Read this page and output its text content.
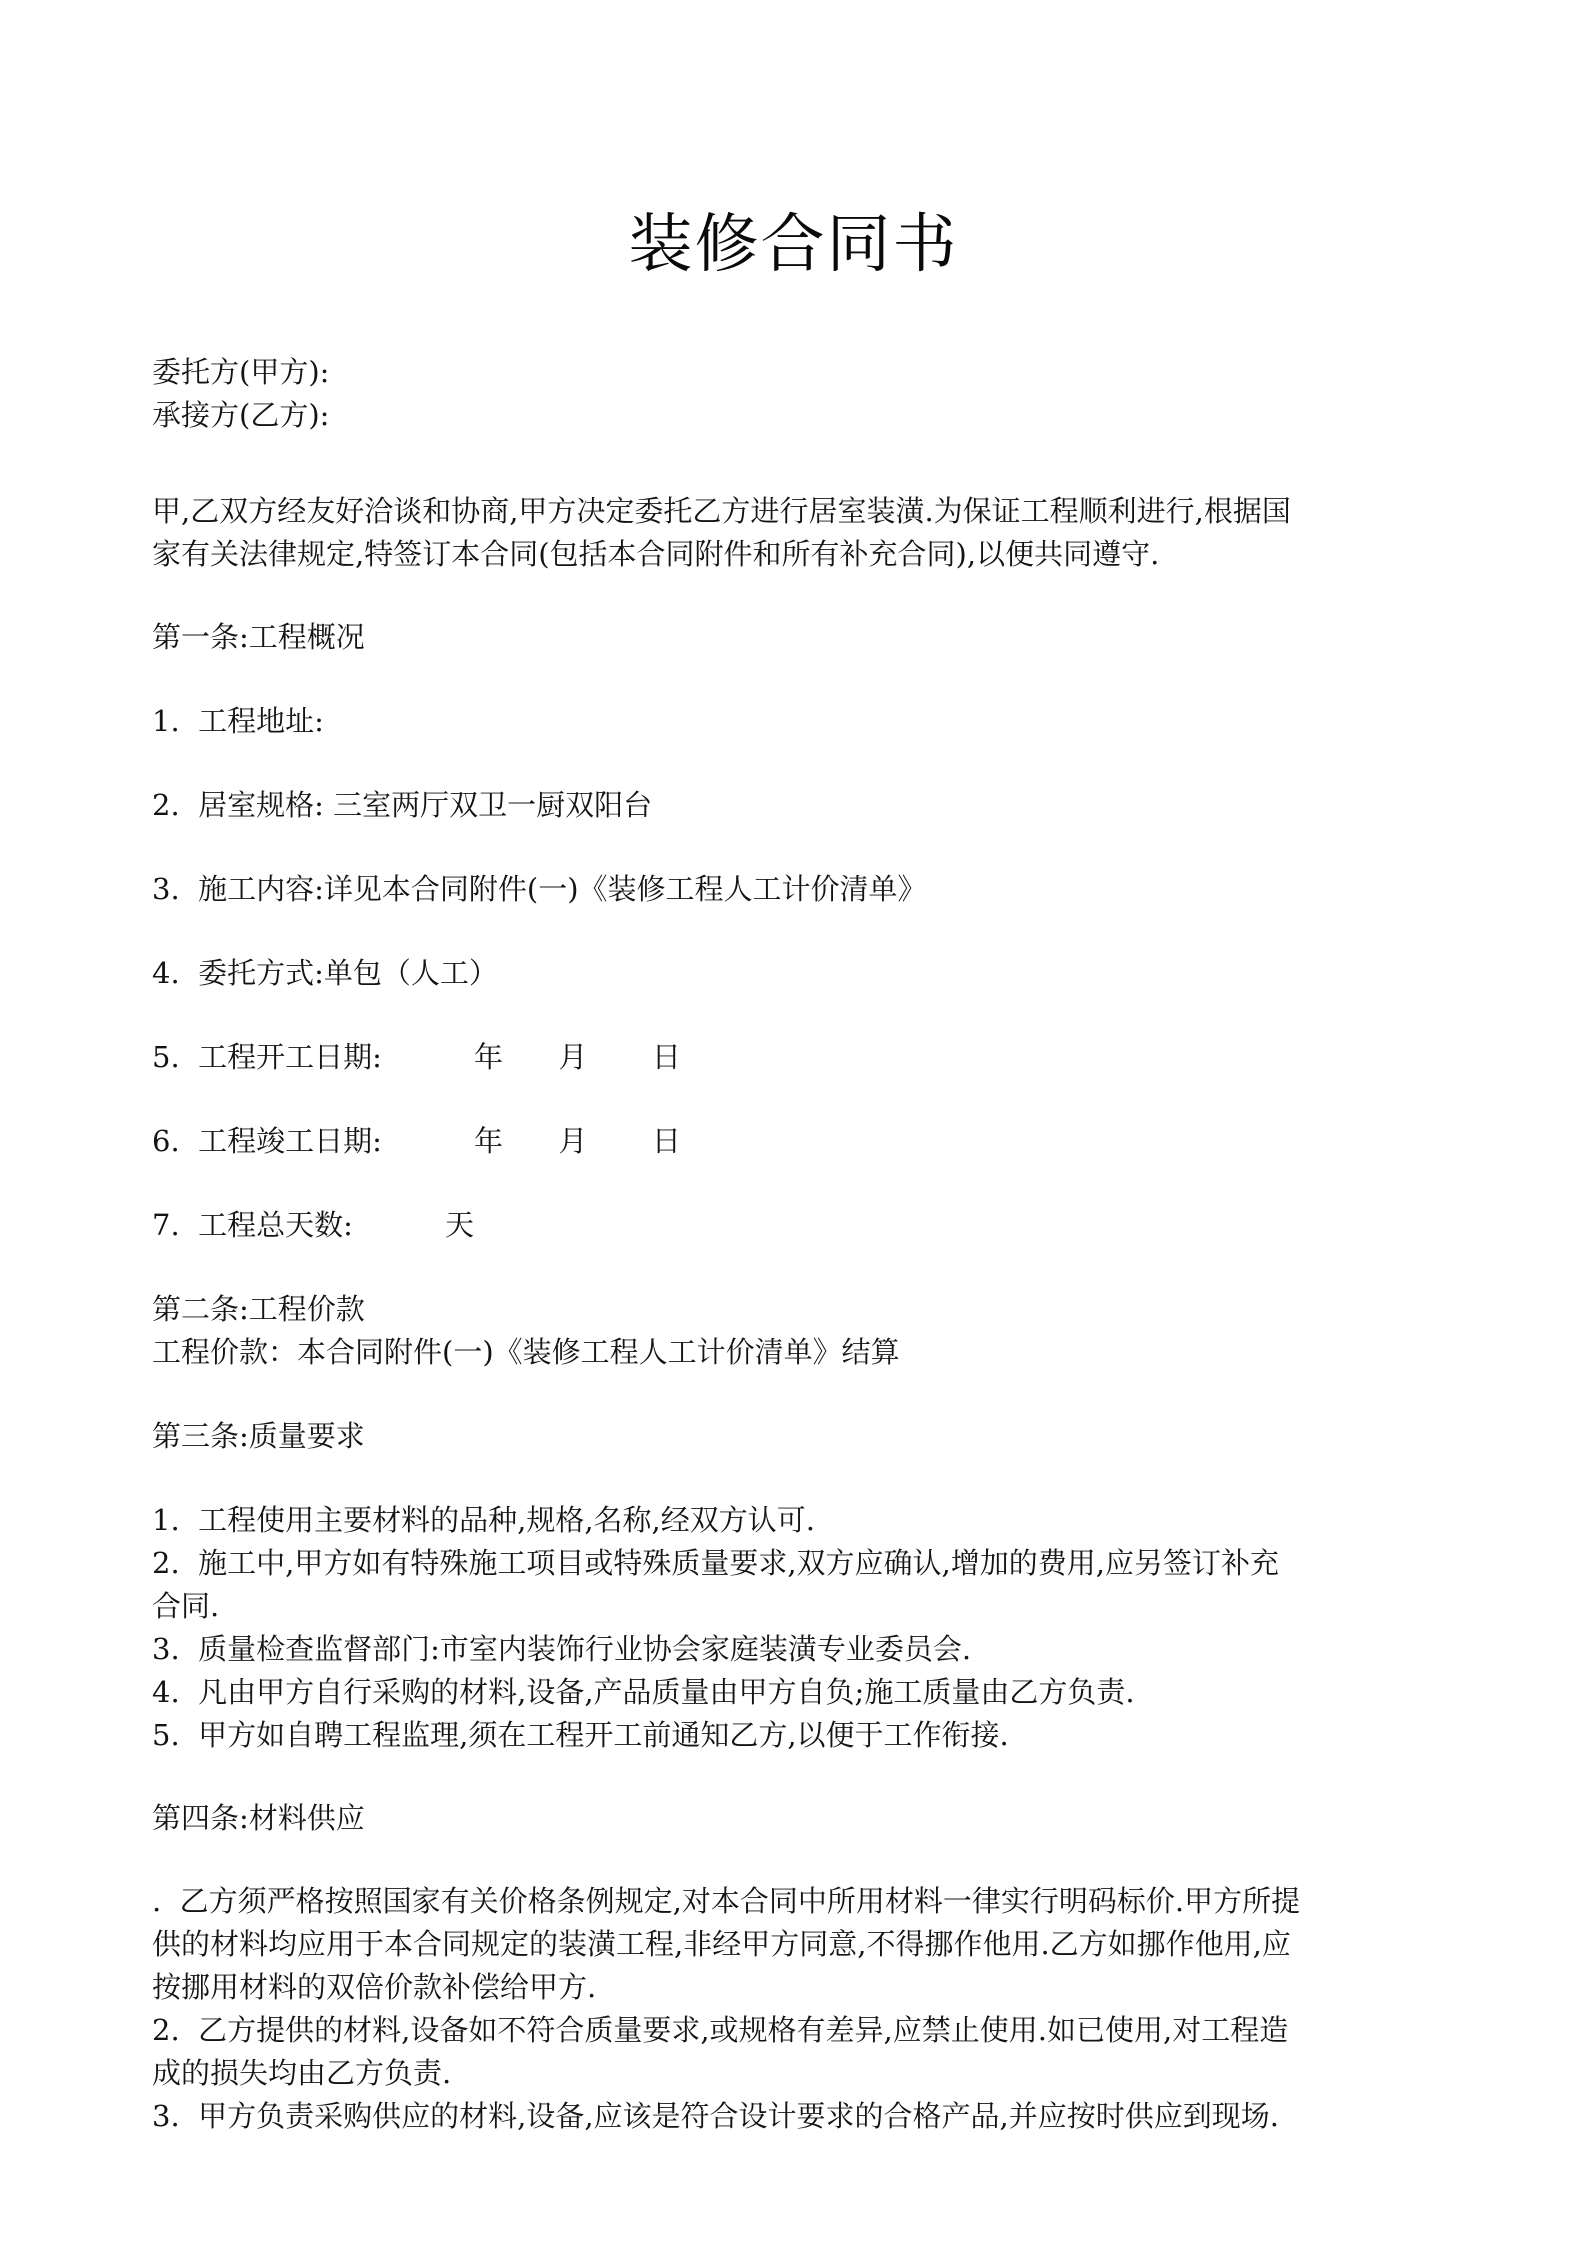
装修合同书
委托方(甲方):
承接方(乙方):
甲,乙双方经友好洽谈和协商,甲方决定委托乙方进行居室装潢.为保证工程顺利进行,根据国
家有关法律规定,特签订本合同(包括本合同附件和所有补充合同),以便共同遵守.
第一条:工程概况
1.  工程地址:
2.  居室规格: 三室两厅双卫一厨双阳台
3.  施工内容:详见本合同附件(一)《装修工程人工计价清单》
4.  委托方式:单包（人工）
5.  工程开工日期:          年      月       日
6.  工程竣工日期:          年      月       日
7.  工程总天数:          天
第二条:工程价款
工程价款：本合同附件(一)《装修工程人工计价清单》结算
第三条:质量要求
1.  工程使用主要材料的品种,规格,名称,经双方认可.
2.  施工中,甲方如有特殊施工项目或特殊质量要求,双方应确认,增加的费用,应另签订补充
合同.
3.  质量检查监督部门:市室内装饰行业协会家庭装潢专业委员会.
4.  凡由甲方自行采购的材料,设备,产品质量由甲方自负;施工质量由乙方负责.
5.  甲方如自聘工程监理,须在工程开工前通知乙方,以便于工作衔接.
第四条:材料供应
.  乙方须严格按照国家有关价格条例规定,对本合同中所用材料一律实行明码标价.甲方所提
供的材料均应用于本合同规定的装潢工程,非经甲方同意,不得挪作他用.乙方如挪作他用,应
按挪用材料的双倍价款补偿给甲方.
2.  乙方提供的材料,设备如不符合质量要求,或规格有差异,应禁止使用.如已使用,对工程造
成的损失均由乙方负责.
3.  甲方负责采购供应的材料,设备,应该是符合设计要求的合格产品,并应按时供应到现场.
